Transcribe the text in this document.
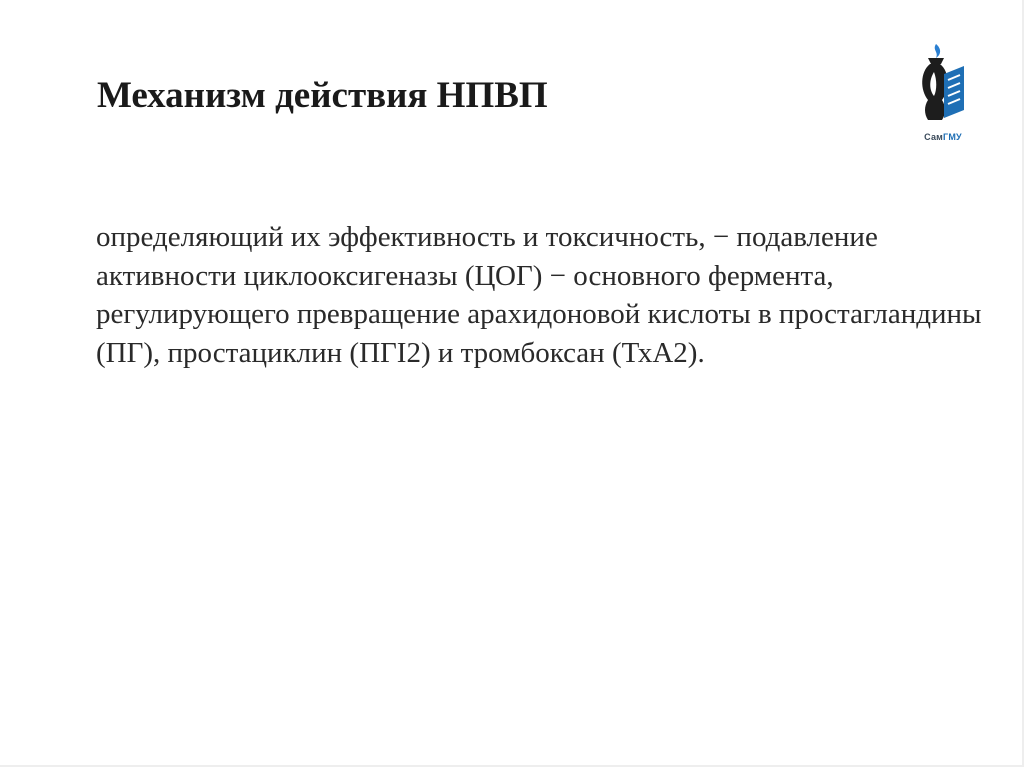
Механизм действия НПВП

определяющий их эффективность и токсичность, − подавление активности циклооксигеназы (ЦОГ) − основного фермента, регулирующего превращение арахидоновой кислоты в простагландины (ПГ), простациклин (ПГI2) и тромбоксан (ТхА2).

СамГМУ
